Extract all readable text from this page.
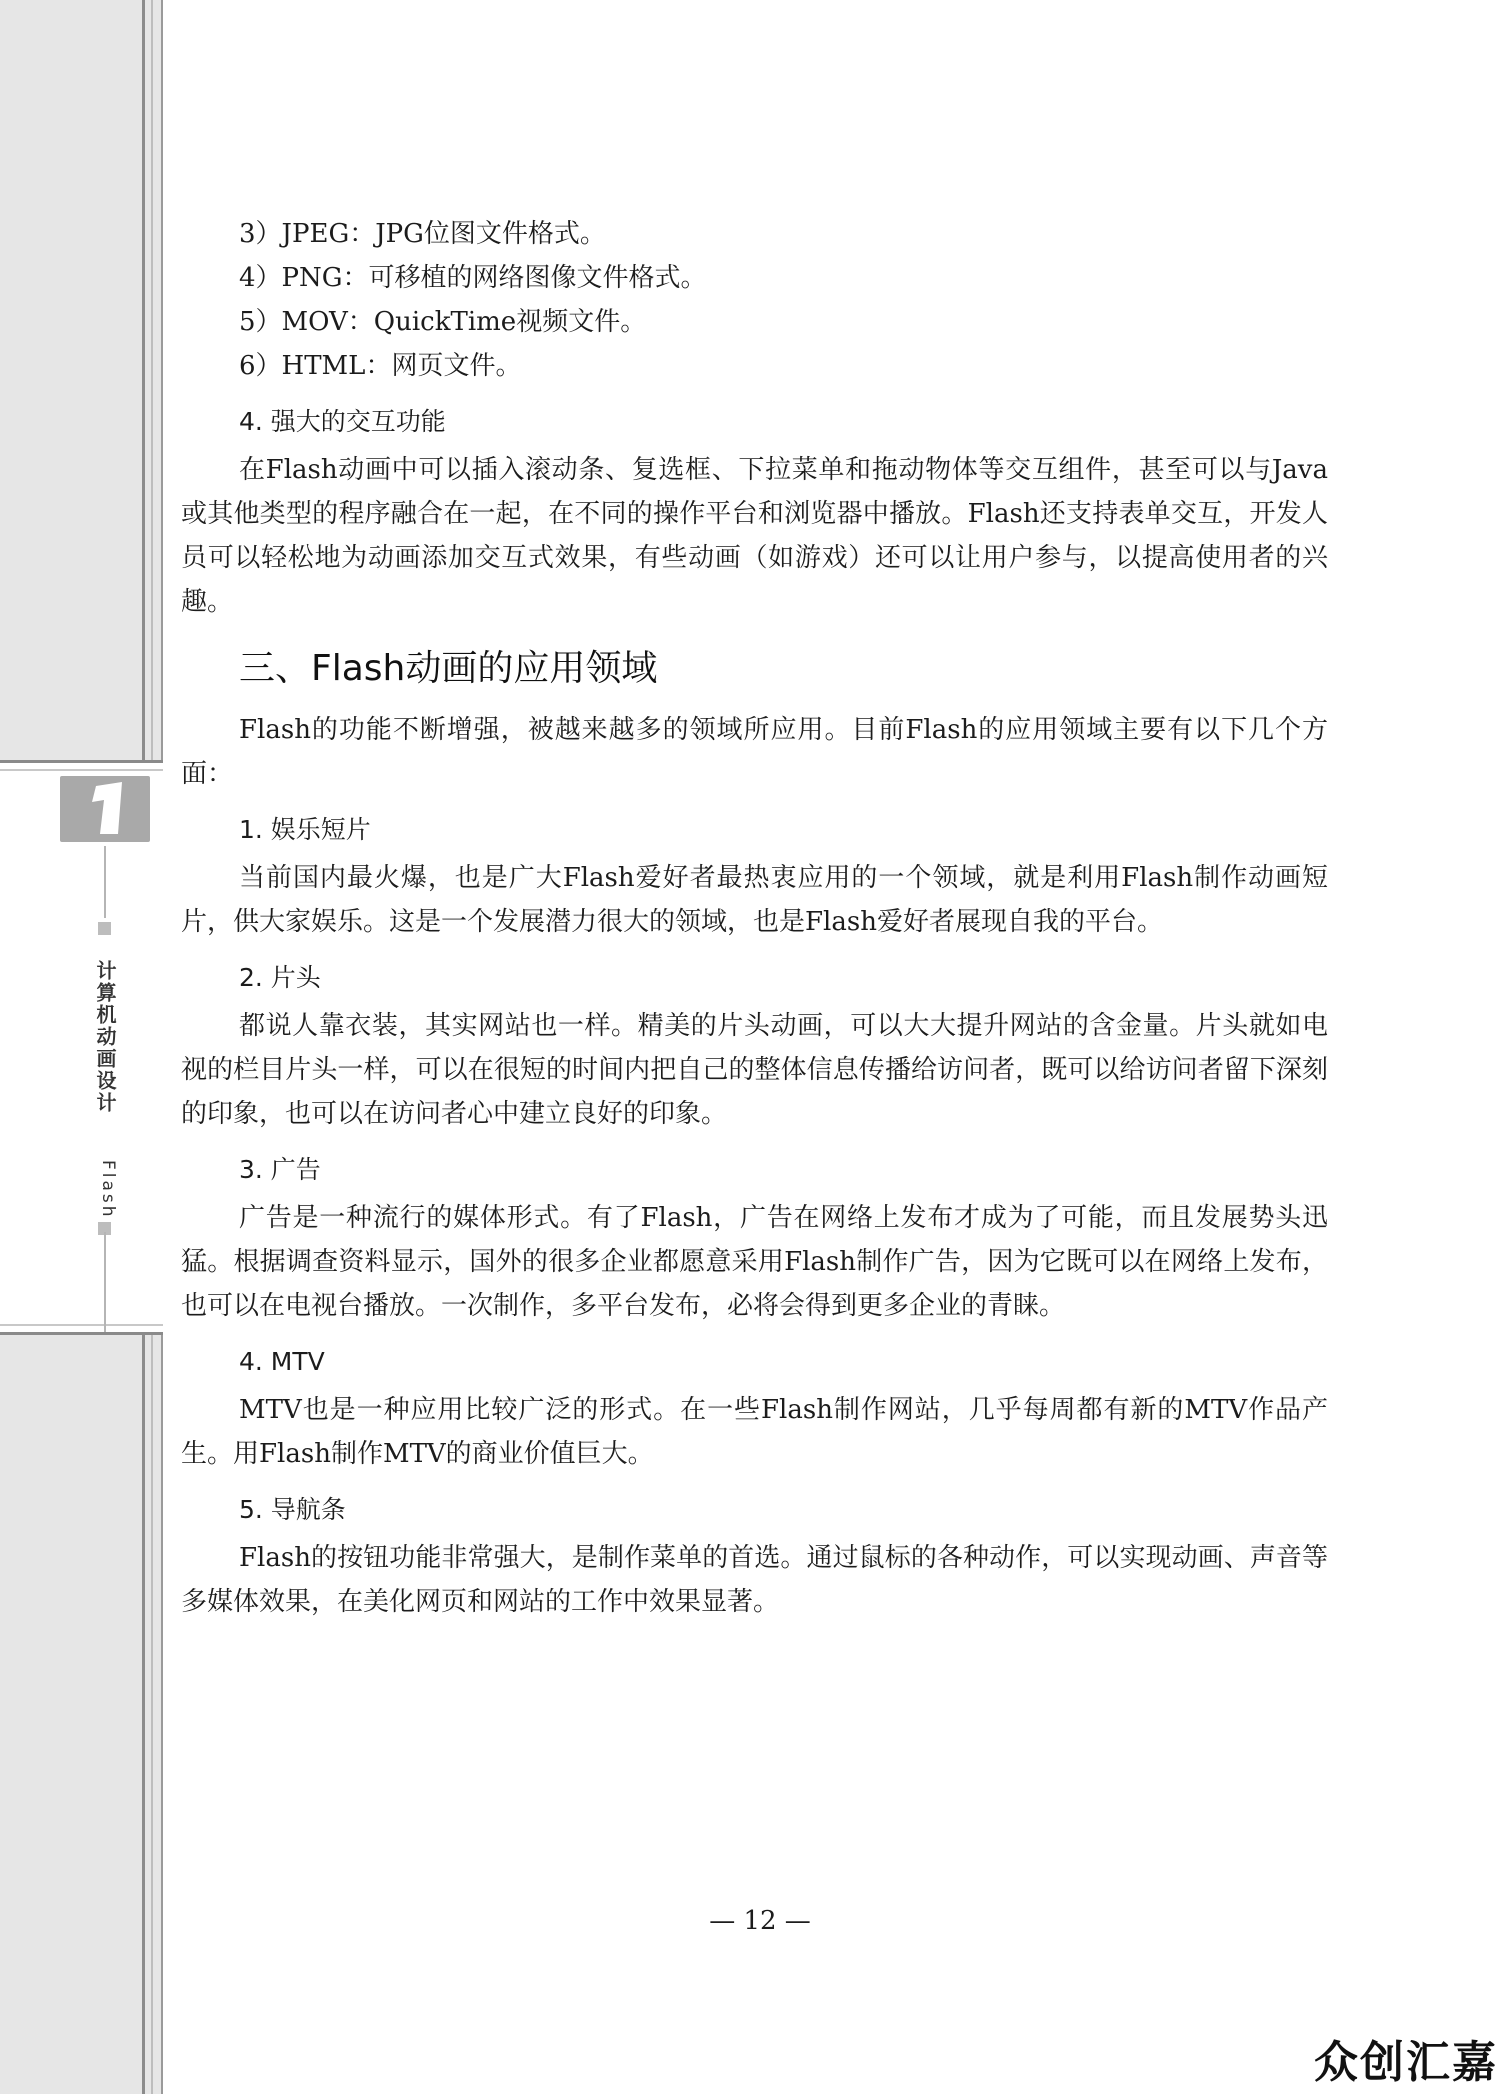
计算机动画设计
Flash

3）JPEG：JPG位图文件格式。

4）PNG：可移植的网络图像文件格式。

5）MOV：QuickTime视频文件。

6）HTML：网页文件。

4. 强大的交互功能

在Flash动画中可以插入滚动条、复选框、下拉菜单和拖动物体等交互组件，甚至可以与Java或其他类型的程序融合在一起，在不同的操作平台和浏览器中播放。Flash还支持表单交互，开发人员可以轻松地为动画添加交互式效果，有些动画（如游戏）还可以让用户参与，以提高使用者的兴趣。

三、Flash动画的应用领域

Flash的功能不断增强，被越来越多的领域所应用。目前Flash的应用领域主要有以下几个方面：

1. 娱乐短片

当前国内最火爆，也是广大Flash爱好者最热衷应用的一个领域，就是利用Flash制作动画短片，供大家娱乐。这是一个发展潜力很大的领域，也是Flash爱好者展现自我的平台。

2. 片头

都说人靠衣装，其实网站也一样。精美的片头动画，可以大大提升网站的含金量。片头就如电视的栏目片头一样，可以在很短的时间内把自己的整体信息传播给访问者，既可以给访问者留下深刻的印象，也可以在访问者心中建立良好的印象。

3. 广告

广告是一种流行的媒体形式。有了Flash，广告在网络上发布才成为了可能，而且发展势头迅猛。根据调查资料显示，国外的很多企业都愿意采用Flash制作广告，因为它既可以在网络上发布，也可以在电视台播放。一次制作，多平台发布，必将会得到更多企业的青睐。

4. MTV

MTV也是一种应用比较广泛的形式。在一些Flash制作网站，几乎每周都有新的MTV作品产生。用Flash制作MTV的商业价值巨大。

5. 导航条

Flash的按钮功能非常强大，是制作菜单的首选。通过鼠标的各种动作，可以实现动画、声音等多媒体效果，在美化网页和网站的工作中效果显著。

— 12 —
众创汇嘉
